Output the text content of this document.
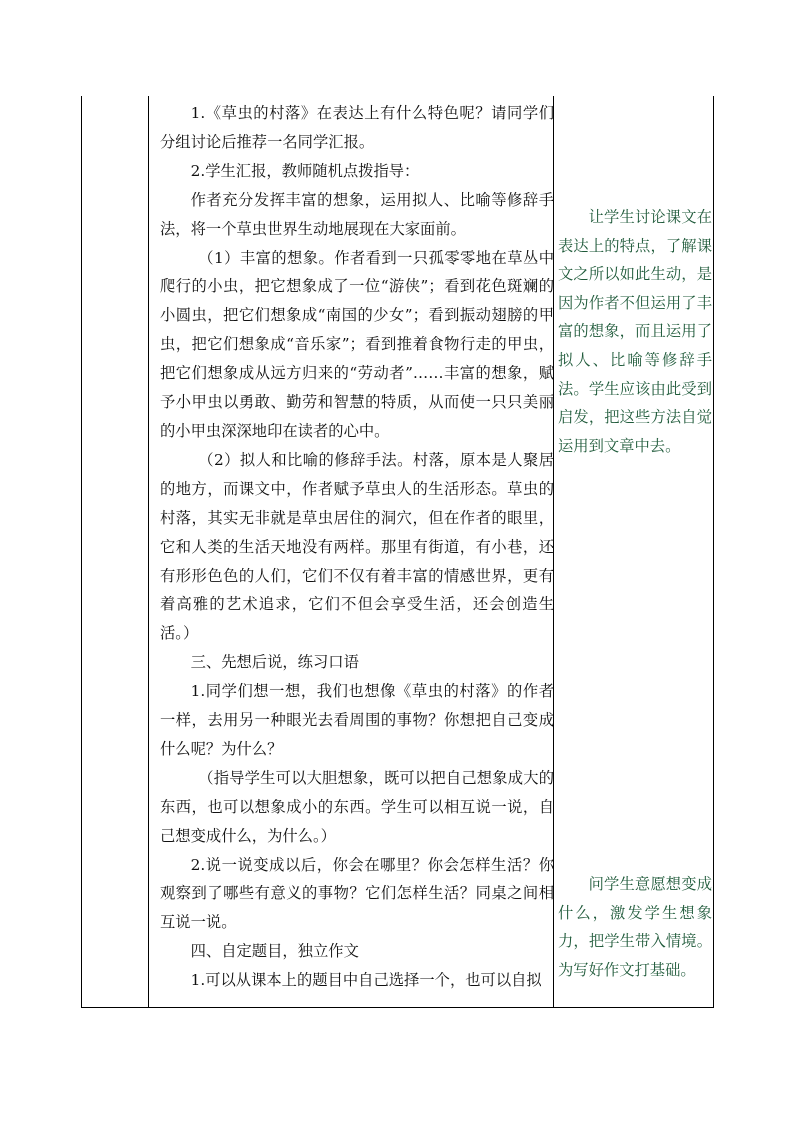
1.《草虫的村落》在表达上有什么特色呢？请同学们分组讨论后推荐一名同学汇报。

2.学生汇报，教师随机点拨指导：

作者充分发挥丰富的想象，运用拟人、比喻等修辞手法，将一个草虫世界生动地展现在大家面前。

（1）丰富的想象。作者看到一只孤零零地在草丛中爬行的小虫，把它想象成了一位“游侠”；看到花色斑斓的小圆虫，把它们想象成“南国的少女”；看到振动翅膀的甲虫，把它们想象成“音乐家”；看到推着食物行走的甲虫，把它们想象成从远方归来的“劳动者”……丰富的想象，赋予小甲虫以勇敢、勤劳和智慧的特质，从而使一只只美丽的小甲虫深深地印在读者的心中。

（2）拟人和比喻的修辞手法。村落，原本是人聚居的地方，而课文中，作者赋予草虫人的生活形态。草虫的村落，其实无非就是草虫居住的洞穴，但在作者的眼里，它和人类的生活天地没有两样。那里有街道，有小巷，还有形形色色的人们，它们不仅有着丰富的情感世界，更有着高雅的艺术追求，它们不但会享受生活，还会创造生活。）

三、先想后说，练习口语

1.同学们想一想，我们也想像《草虫的村落》的作者一样，去用另一种眼光去看周围的事物？你想把自己变成什么呢？为什么？

（指导学生可以大胆想象，既可以把自己想象成大的东西，也可以想象成小的东西。学生可以相互说一说，自己想变成什么，为什么。）

2.说一说变成以后，你会在哪里？你会怎样生活？你观察到了哪些有意义的事物？它们怎样生活？同桌之间相互说一说。

四、自定题目，独立作文

1.可以从课本上的题目中自己选择一个，也可以自拟

让学生讨论课文在表达上的特点，了解课文之所以如此生动，是因为作者不但运用了丰富的想象，而且运用了拟人、比喻等修辞手法。学生应该由此受到启发，把这些方法自觉运用到文章中去。

问学生意愿想变成什么，激发学生想象力，把学生带入情境。为写好作文打基础。
